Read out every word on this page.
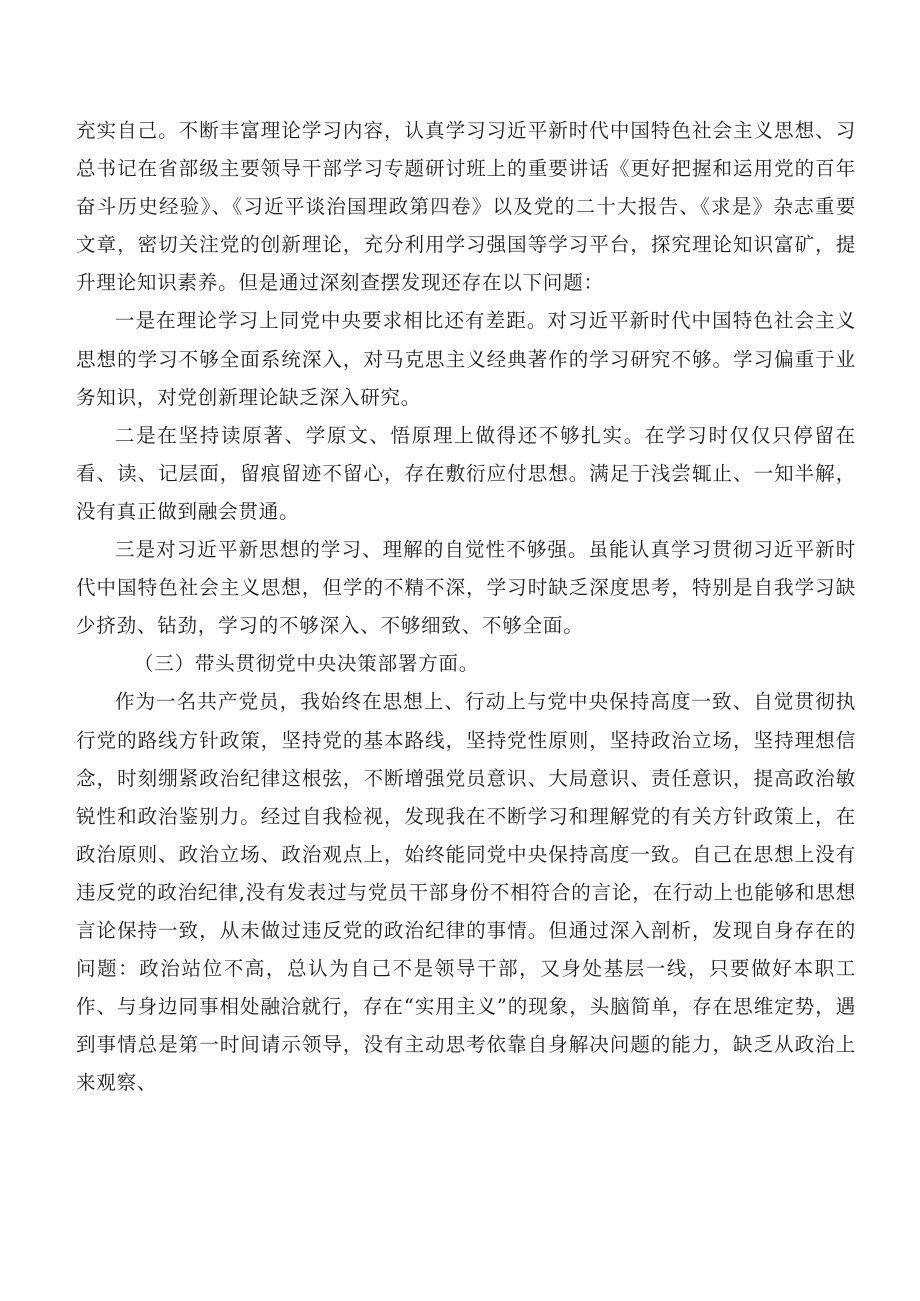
充实自己。不断丰富理论学习内容，认真学习习近平新时代中国特色社会主义思想、习总书记在省部级主要领导干部学习专题研讨班上的重要讲话《更好把握和运用党的百年奋斗历史经验》、《习近平谈治国理政第四卷》以及党的二十大报告、《求是》杂志重要文章，密切关注党的创新理论，充分利用学习强国等学习平台，探究理论知识富矿，提升理论知识素养。但是通过深刻查摆发现还存在以下问题：

一是在理论学习上同党中央要求相比还有差距。对习近平新时代中国特色社会主义思想的学习不够全面系统深入，对马克思主义经典著作的学习研究不够。学习偏重于业务知识，对党创新理论缺乏深入研究。

二是在坚持读原著、学原文、悟原理上做得还不够扎实。在学习时仅仅只停留在看、读、记层面，留痕留迹不留心，存在敷衍应付思想。满足于浅尝辄止、一知半解，没有真正做到融会贯通。

三是对习近平新思想的学习、理解的自觉性不够强。虽能认真学习贯彻习近平新时代中国特色社会主义思想，但学的不精不深，学习时缺乏深度思考，特别是自我学习缺少挤劲、钻劲，学习的不够深入、不够细致、不够全面。

（三）带头贯彻党中央决策部署方面。

作为一名共产党员，我始终在思想上、行动上与党中央保持高度一致、自觉贯彻执行党的路线方针政策，坚持党的基本路线，坚持党性原则，坚持政治立场，坚持理想信念，时刻绷紧政治纪律这根弦，不断增强党员意识、大局意识、责任意识，提高政治敏锐性和政治鉴别力。经过自我检视，发现我在不断学习和理解党的有关方针政策上，在政治原则、政治立场、政治观点上，始终能同党中央保持高度一致。自己在思想上没有违反党的政治纪律,没有发表过与党员干部身份不相符合的言论，在行动上也能够和思想言论保持一致，从未做过违反党的政治纪律的事情。但通过深入剖析，发现自身存在的问题：政治站位不高，总认为自己不是领导干部，又身处基层一线，只要做好本职工作、与身边同事相处融洽就行，存在“实用主义”的现象，头脑简单，存在思维定势，遇到事情总是第一时间请示领导，没有主动思考依靠自身解决问题的能力，缺乏从政治上来观察、
